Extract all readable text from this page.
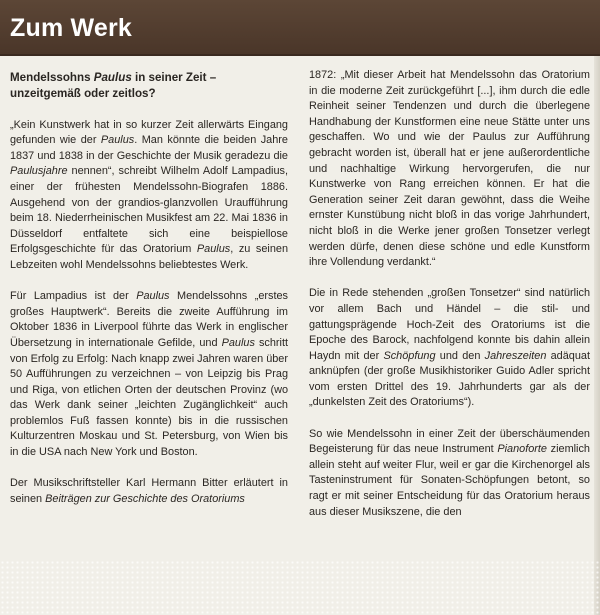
Zum Werk

Mendelssohns Paulus in seiner Zeit – unzeitgemäß oder zeitlos?

„Kein Kunstwerk hat in so kurzer Zeit allerwärts Eingang gefunden wie der Paulus. Man könnte die beiden Jahre 1837 und 1838 in der Geschichte der Musik geradezu die Paulusjahre nennen“, schreibt Wilhelm Adolf Lampadius, einer der frühesten Mendelssohn-Biografen 1886. Ausgehend von der grandios-glanzvollen Uraufführung beim 18. Niederrheinischen Musikfest am 22. Mai 1836 in Düsseldorf entfaltete sich eine beispiellose Erfolgsgeschichte für das Oratorium Paulus, zu seinen Lebzeiten wohl Mendelssohns beliebtestes Werk.

Für Lampadius ist der Paulus Mendelssohns „erstes großes Hauptwerk“. Bereits die zweite Aufführung im Oktober 1836 in Liverpool führte das Werk in englischer Übersetzung in internationale Gefilde, und Paulus schritt von Erfolg zu Erfolg: Nach knapp zwei Jahren waren über 50 Aufführungen zu verzeichnen – von Leipzig bis Prag und Riga, von etlichen Orten der deutschen Provinz (wo das Werk dank seiner „leichten Zugänglichkeit“ auch problemlos Fuß fassen konnte) bis in die russischen Kulturzentren Moskau und St. Petersburg, von Wien bis in die USA nach New York und Boston.

Der Musikschriftsteller Karl Hermann Bitter erläutert in seinen Beiträgen zur Geschichte des Oratoriums

1872: „Mit dieser Arbeit hat Mendelssohn das Oratorium in die moderne Zeit zurückgeführt [...], ihm durch die edle Reinheit seiner Tendenzen und durch die überlegene Handhabung der Kunstformen eine neue Stätte unter uns geschaffen. Wo und wie der Paulus zur Aufführung gebracht worden ist, überall hat er jene außerordentliche und nachhaltige Wirkung hervorgerufen, die nur Kunstwerke von Rang erreichen können. Er hat die Generation seiner Zeit daran gewöhnt, dass die Weihe ernster Kunstübung nicht bloß in das vorige Jahrhundert, nicht bloß in die Werke jener großen Tonsetzer verlegt werden dürfe, denen diese schöne und edle Kunstform ihre Vollendung verdankt.“

Die in Rede stehenden „großen Tonsetzer“ sind natürlich vor allem Bach und Händel – die stil- und gattungsprägende Hoch-Zeit des Oratoriums ist die Epoche des Barock, nachfolgend konnte bis dahin allein Haydn mit der Schöpfung und den Jahreszeiten adäquat anknüpfen (der große Musikhistoriker Guido Adler spricht vom ersten Drittel des 19. Jahrhunderts gar als der „dunkelsten Zeit des Oratoriums“).

So wie Mendelssohn in einer Zeit der überschäumenden Begeisterung für das neue Instrument Pianoforte ziemlich allein steht auf weiter Flur, weil er gar die Kirchenorgel als Tasteninstrument für Sonaten-Schöpfungen betont, so ragt er mit seiner Entscheidung für das Oratorium heraus aus dieser Musikszene, die den
